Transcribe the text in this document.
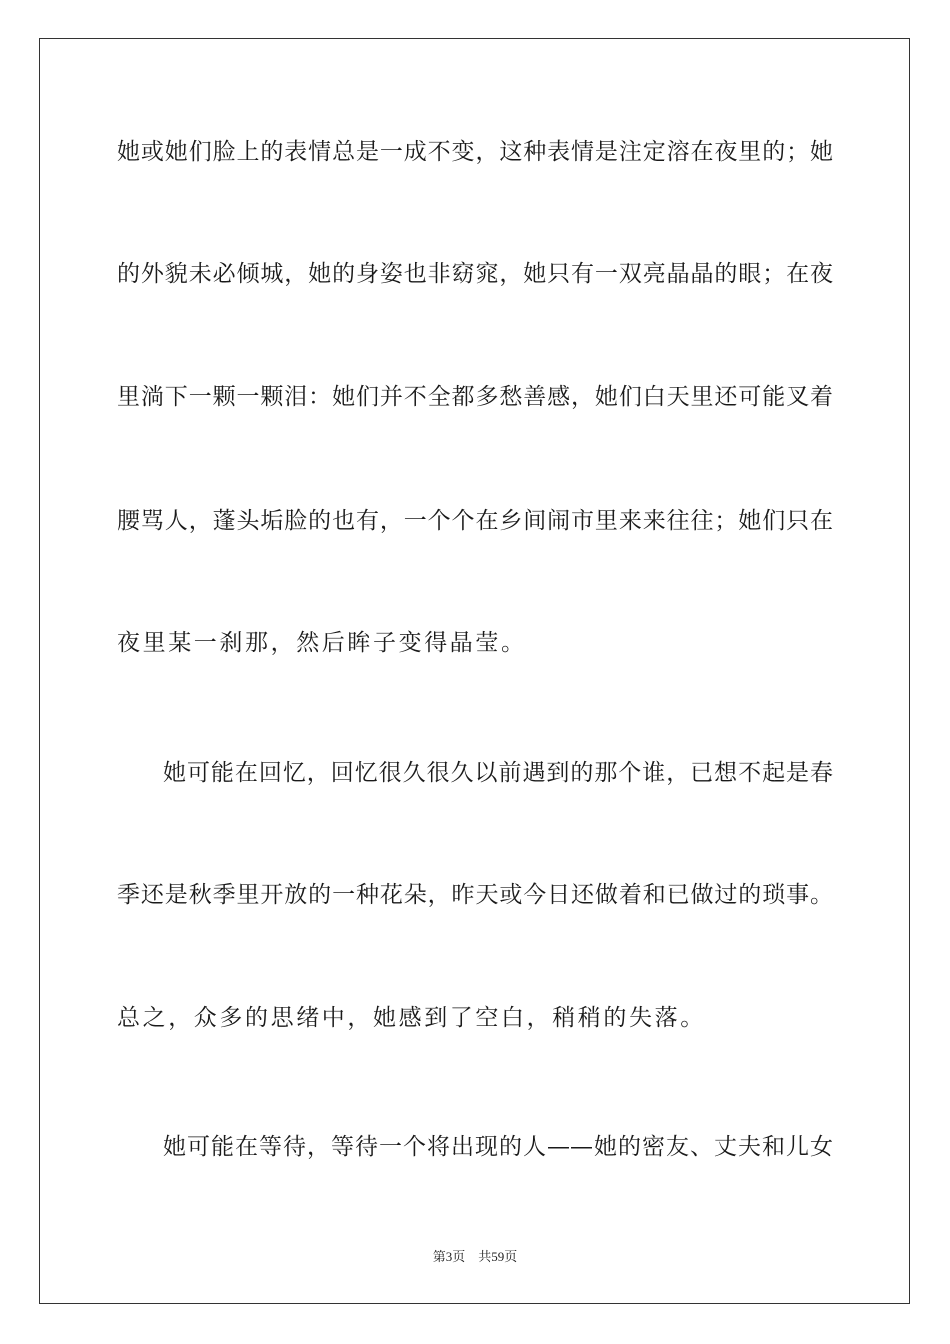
她或她们脸上的表情总是一成不变，这种表情是注定溶在夜里的；她
的外貌未必倾城，她的身姿也非窈窕，她只有一双亮晶晶的眼；在夜
里淌下一颗一颗泪：她们并不全都多愁善感，她们白天里还可能叉着
腰骂人，蓬头垢脸的也有，一个个在乡间闹市里来来往往；她们只在
夜里某一刹那，然后眸子变得晶莹。
她可能在回忆，回忆很久很久以前遇到的那个谁，已想不起是春
季还是秋季里开放的一种花朵，昨天或今日还做着和已做过的琐事。
总之，众多的思绪中，她感到了空白，稍稍的失落。
她可能在等待，等待一个将出现的人——她的密友、丈夫和儿女
第3页 共59页
